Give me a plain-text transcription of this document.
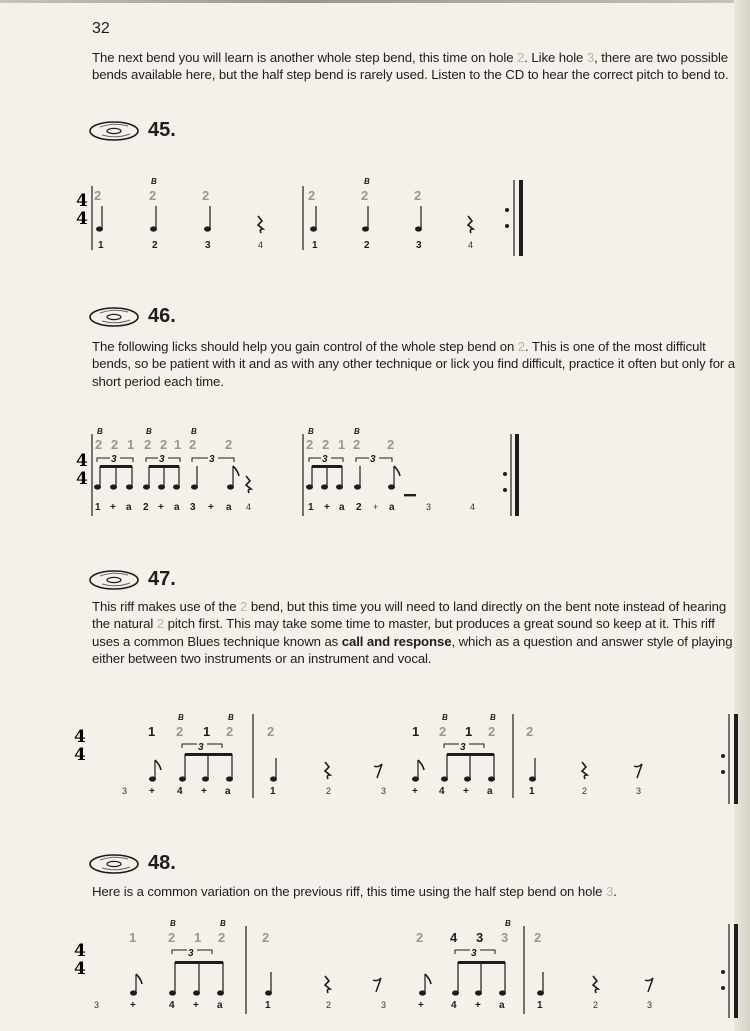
32

The next bend you will learn is another whole step bend, this time on hole 2. Like hole 3, there are two possible bends available here, but the half step bend is rarely used. Listen to the CD to hear the correct pitch to bend to.

45.
4
4
2
B
2	2
1	2	3	4
2
B
2	2
1	2	3	4
46.

The following licks should help you gain control of the whole step bend on 2. This is one of the most difficult bends, so be patient with it and as with any other technique or lick you find difficult, practice it often but only for a short period each time.

4
4
B	B	B
2 2 1 2 2 1 2 2
3	3	3
1 + a 2 + a 3 + a 4
B	B
2 2 1 2 2
3	3
1 + a 2 + a	3	4
47.

This riff makes use of the 2 bend, but this time you will need to land directly on the bent note instead of hearing the natural 2 pitch first. This may take some time to master, but produces a great sound so keep at it. This riff uses a common Blues technique known as call and response, which as a question and answer style of playing either between two instruments or an instrument and vocal.

4
4
B	B
1 2 1 2
3
3 + 4 + a
2
1	2	3
B	B
1 2 1 2
3
+ 4 + a
2
1	2	3
48.

Here is a common variation on the previous riff, this time using the half step bend on hole 3.

4
4
B	B
1 2 1 2
3
3	+	4 + a
2
1	2	3
B
2 4 3 3
3
+	4 + a
2
1	2	3
